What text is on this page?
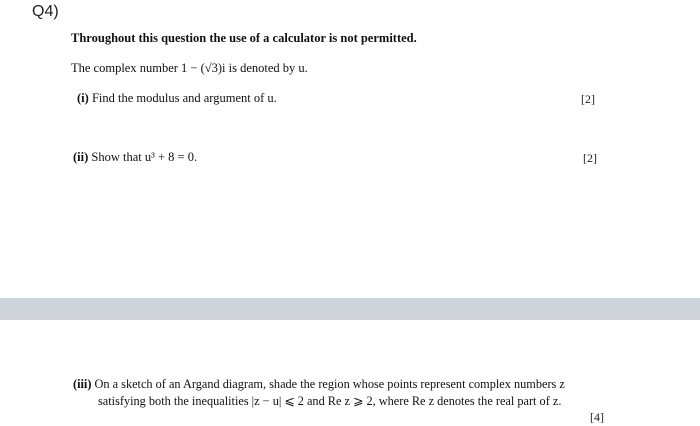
Q4)
Throughout this question the use of a calculator is not permitted.
The complex number 1 − (√3)i is denoted by u.
(i) Find the modulus and argument of u.	[2]
(ii) Show that u³ + 8 = 0.	[2]
(iii) On a sketch of an Argand diagram, shade the region whose points represent complex numbers z
satisfying both the inequalities |z − u| ⩽ 2 and Re z ⩾ 2, where Re z denotes the real part of z.
[4]
